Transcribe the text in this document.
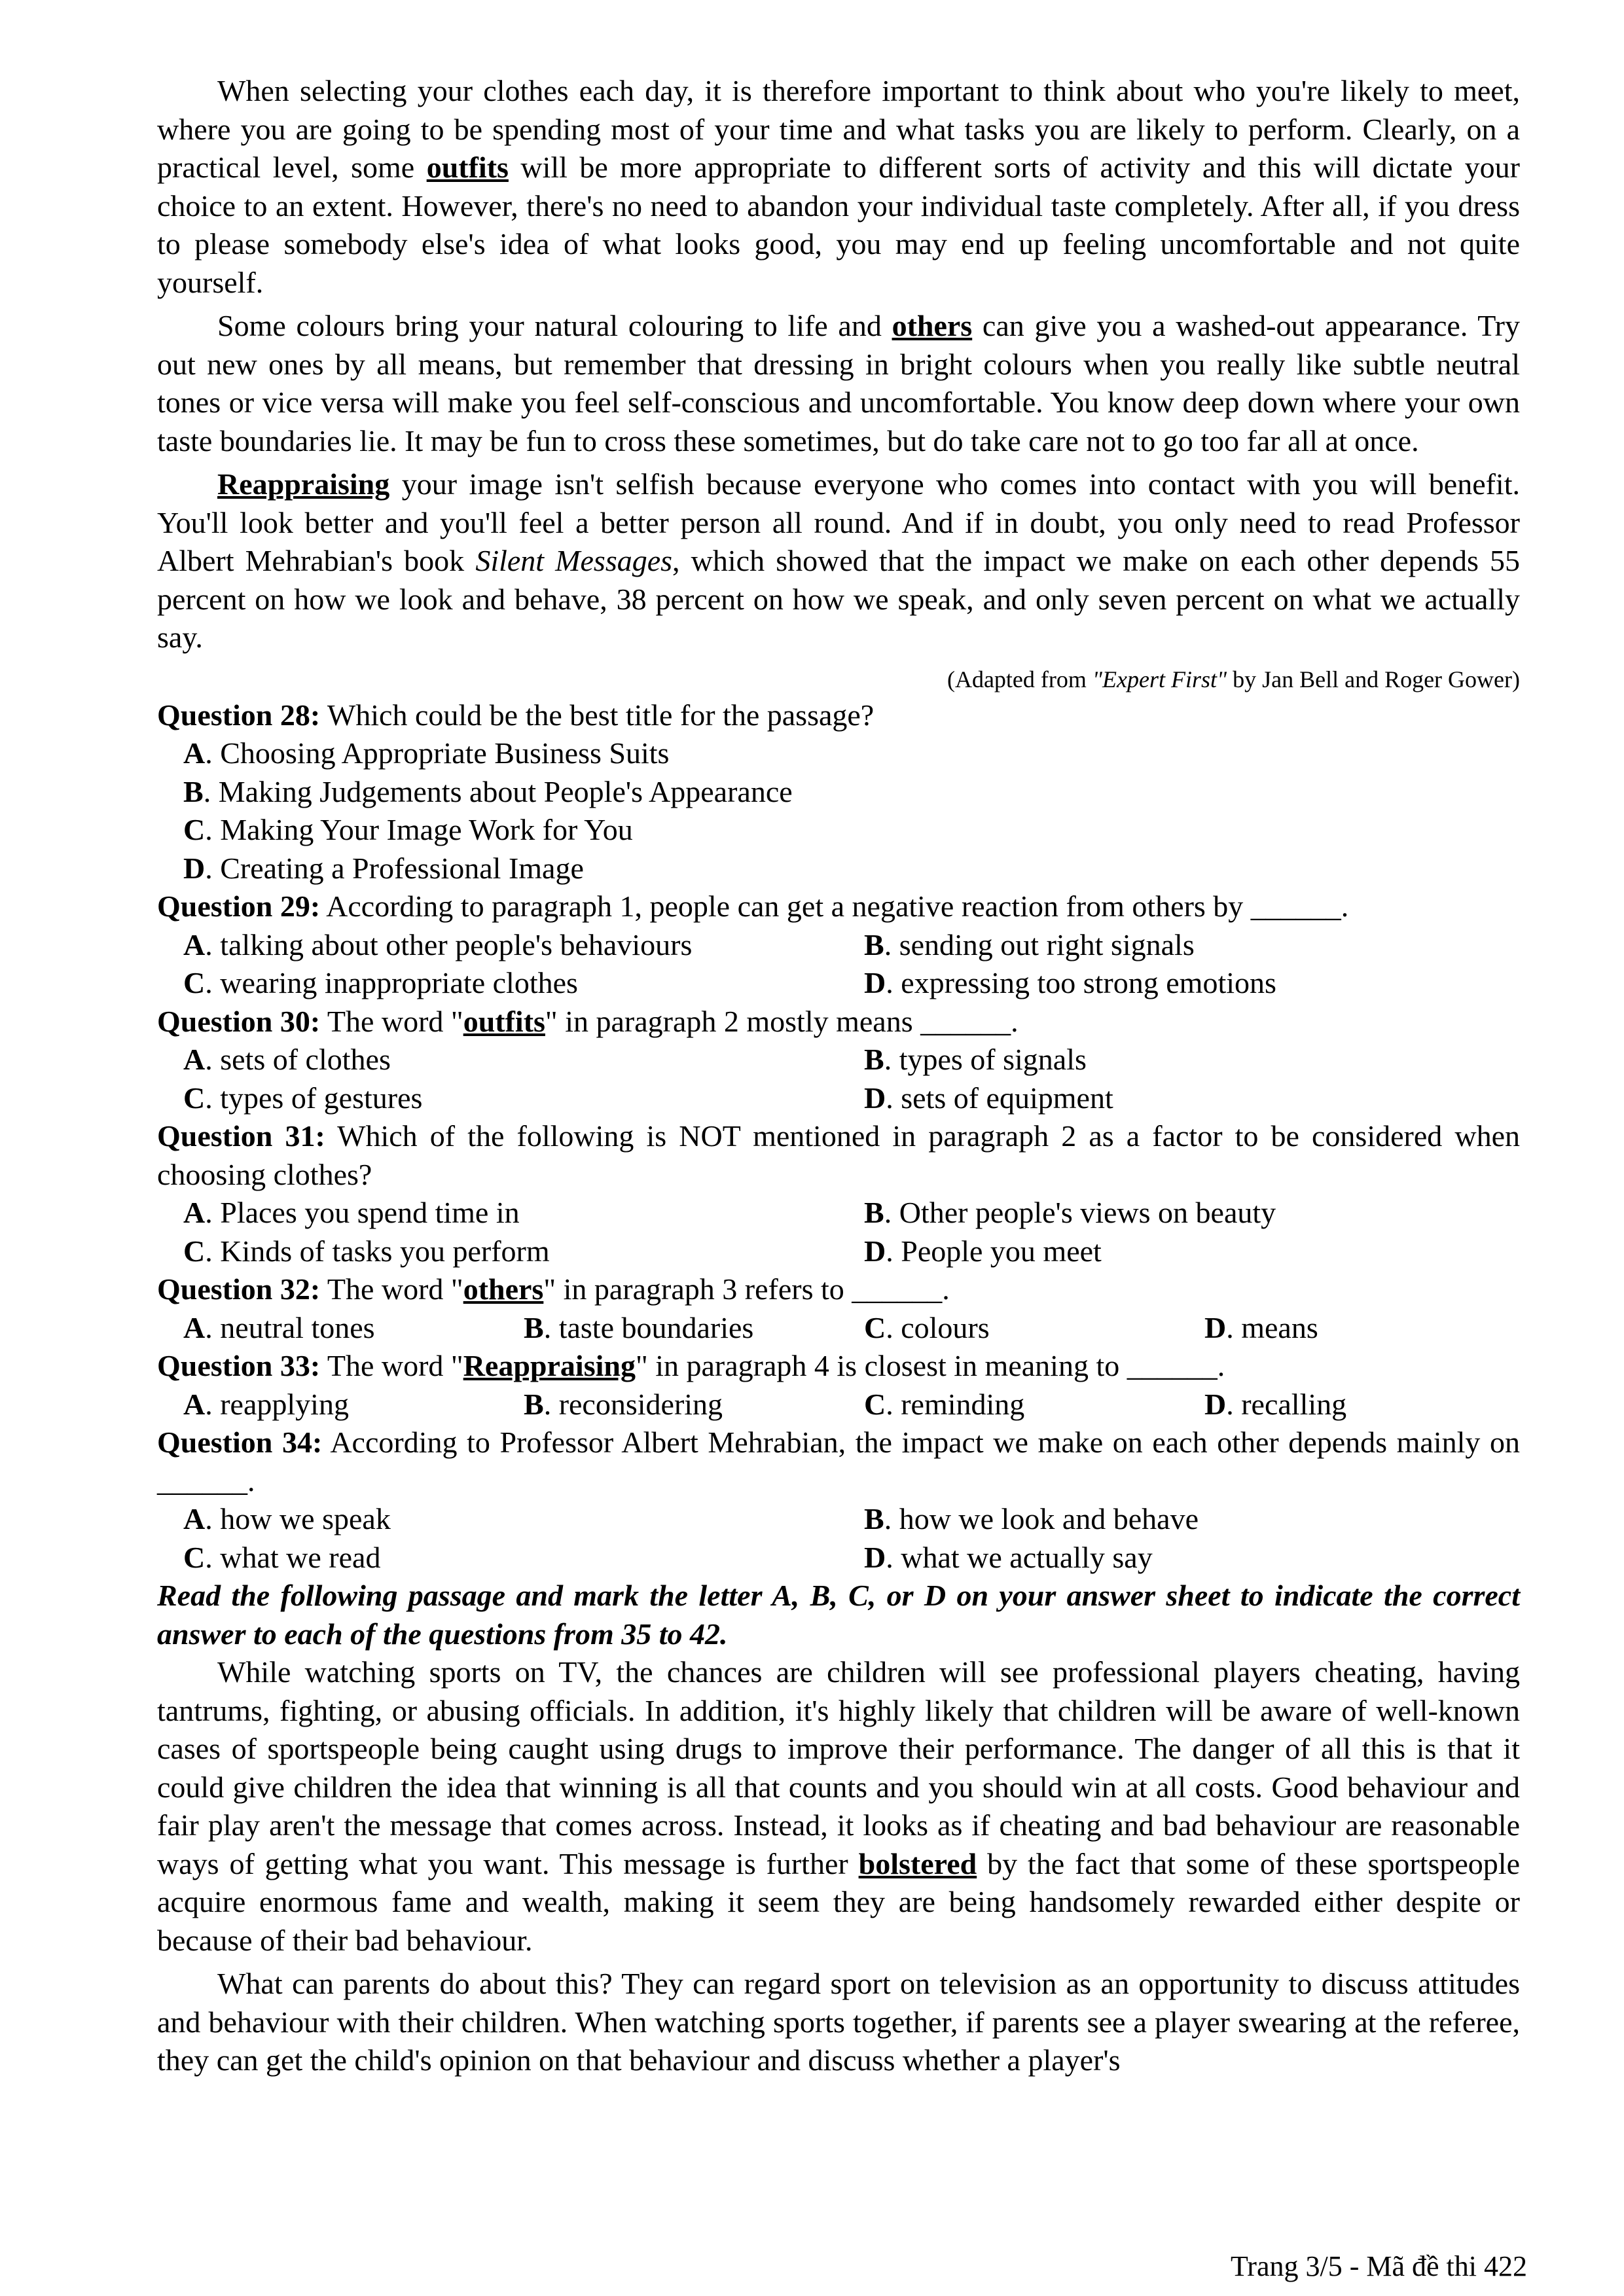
When selecting your clothes each day, it is therefore important to think about who you're likely to meet, where you are going to be spending most of your time and what tasks you are likely to perform. Clearly, on a practical level, some outfits will be more appropriate to different sorts of activity and this will dictate your choice to an extent. However, there's no need to abandon your individual taste completely. After all, if you dress to please somebody else's idea of what looks good, you may end up feeling uncomfortable and not quite yourself.

Some colours bring your natural colouring to life and others can give you a washed-out appearance. Try out new ones by all means, but remember that dressing in bright colours when you really like subtle neutral tones or vice versa will make you feel self-conscious and uncomfortable. You know deep down where your own taste boundaries lie. It may be fun to cross these sometimes, but do take care not to go too far all at once.

Reappraising your image isn't selfish because everyone who comes into contact with you will benefit. You'll look better and you'll feel a better person all round. And if in doubt, you only need to read Professor Albert Mehrabian's book Silent Messages, which showed that the impact we make on each other depends 55 percent on how we look and behave, 38 percent on how we speak, and only seven percent on what we actually say.

(Adapted from "Expert First" by Jan Bell and Roger Gower)

Question 28: Which could be the best title for the passage?

A. Choosing Appropriate Business Suits
B. Making Judgements about People's Appearance
C. Making Your Image Work for You
D. Creating a Professional Image

Question 29: According to paragraph 1, people can get a negative reaction from others by ______.

A. talking about other people's behaviours	B. sending out right signals
C. wearing inappropriate clothes	D. expressing too strong emotions

Question 30: The word "outfits" in paragraph 2 mostly means ______.

A. sets of clothes	B. types of signals
C. types of gestures	D. sets of equipment

Question 31: Which of the following is NOT mentioned in paragraph 2 as a factor to be considered when choosing clothes?

A. Places you spend time in	B. Other people's views on beauty
C. Kinds of tasks you perform	D. People you meet

Question 32: The word "others" in paragraph 3 refers to ______.

A. neutral tones	B. taste boundaries	C. colours	D. means

Question 33: The word "Reappraising" in paragraph 4 is closest in meaning to ______.

A. reapplying	B. reconsidering	C. reminding	D. recalling

Question 34: According to Professor Albert Mehrabian, the impact we make on each other depends mainly on ______.

A. how we speak	B. how we look and behave
C. what we read	D. what we actually say

Read the following passage and mark the letter A, B, C, or D on your answer sheet to indicate the correct answer to each of the questions from 35 to 42.

While watching sports on TV, the chances are children will see professional players cheating, having tantrums, fighting, or abusing officials. In addition, it's highly likely that children will be aware of well-known cases of sportspeople being caught using drugs to improve their performance. The danger of all this is that it could give children the idea that winning is all that counts and you should win at all costs. Good behaviour and fair play aren't the message that comes across. Instead, it looks as if cheating and bad behaviour are reasonable ways of getting what you want. This message is further bolstered by the fact that some of these sportspeople acquire enormous fame and wealth, making it seem they are being handsomely rewarded either despite or because of their bad behaviour.

What can parents do about this? They can regard sport on television as an opportunity to discuss attitudes and behaviour with their children. When watching sports together, if parents see a player swearing at the referee, they can get the child's opinion on that behaviour and discuss whether a player's

Trang 3/5 - Mã đề thi 422
